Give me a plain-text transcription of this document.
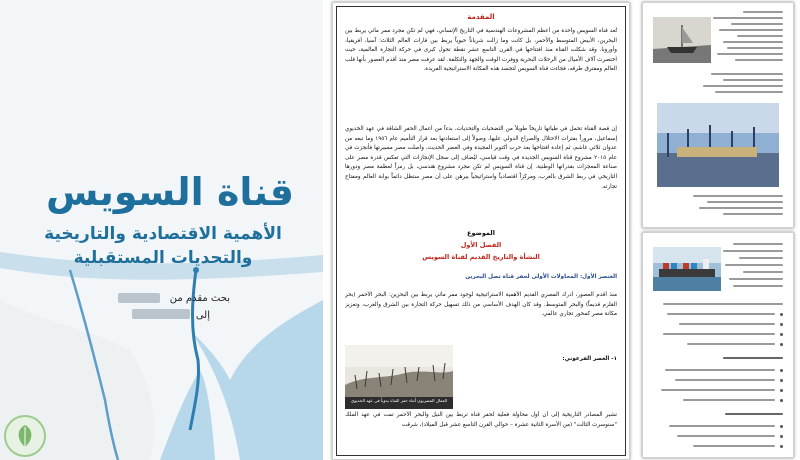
قناة السويس
الأهمية الاقتصادية والتاريخية
والتحديات المستقبلية
بحث مقدم من
إلى
المقدمة
تُعد قناة السويس واحدة من أعظم المشروعات الهندسية في التاريخ الإنساني، فهي لم تكن مجرد ممر مائي يربط بين البحرين، الأبيض المتوسط والأحمر، بل كانت وما زالت شرياناً حيوياً يربط بين قارات العالم الثلاث: آسيا، أفريقيا، وأوروبا. وقد شكلت القناة منذ افتتاحها في القرن التاسع عشر نقطة تحول كبرى في حركة التجارة العالمية، حيث اختصرت آلاف الأميال من الرحلات البحرية ووفرت الوقت والجهد والتكلفة. لقد عرفت مصر منذ أقدم العصور بأنها قلب العالم ومفترق طرقه، فجاءت قناة السويس لتجسد هذه المكانة الاستراتيجية الفريدة.
إن قصة القناة تحمل في طياتها تاريخاً طويلاً من التضحيات والتحديات، بدءاً من أعمال الحفر الشاقة في عهد الخديوي إسماعيل، مروراً بفترات الاحتلال والصراع الدولي عليها، وصولاً إلى استعادتها بعد قرار التأميم عام ١٩٥٦ وما تبعه من عدوان ثلاثي غاشم، ثم إعادة افتتاحها بعد حرب أكتوبر المجيدة وفي العصر الحديث، واصلت مصر مسيرتها فأنجزت في عام ٢٠١٥ مشروع قناة السويس الجديدة في وقت قياسي، ليُضاف إلى سجل الإنجازات التي تعكس قدرة مصر على صناعة المعجزات بقدراتها الوطنية. إن قناة السويس لم تكن مجرد مشروع هندسي، بل رمزاً لعظمة مصر ودورها التاريخي في ربط الشرق بالغرب، ومركزاً اقتصادياً واستراتيجياً يبرهن على أن مصر ستظل دائماً بوابة العالم ومفتاح تجارته.
الموضوع
الفصل الأول
النشأة والتاريخ القديم لقناة السويس
العنصر الأول: المحاولات الأولى لحفر قناة تصل البحرين
منذ أقدم العصور، أدرك المصري القديم الأهمية الاستراتيجية لوجود ممر مائي يربط بين البحرين: البحر الأحمر (بحر القلزم قديماً) والبحر المتوسط. وقد كان الهدف الأساسي من ذلك تسهيل حركة التجارة بين الشرق والغرب، وتعزيز مكانة مصر كمحور تجاري عالمي.
العمال المصريون أثناء حفر القناة يدوياً في عهد الخديوي
١- العصر الفرعوني:
تشير المصادر التاريخية إلى أن أول محاولة فعلية لحفر قناة تربط بين النيل والبحر الأحمر تمت في عهد الملك "سنوسرت الثالث" (من الأسرة الثانية عشرة – حوالي القرن التاسع عشر قبل الميلاد)، شرقت
